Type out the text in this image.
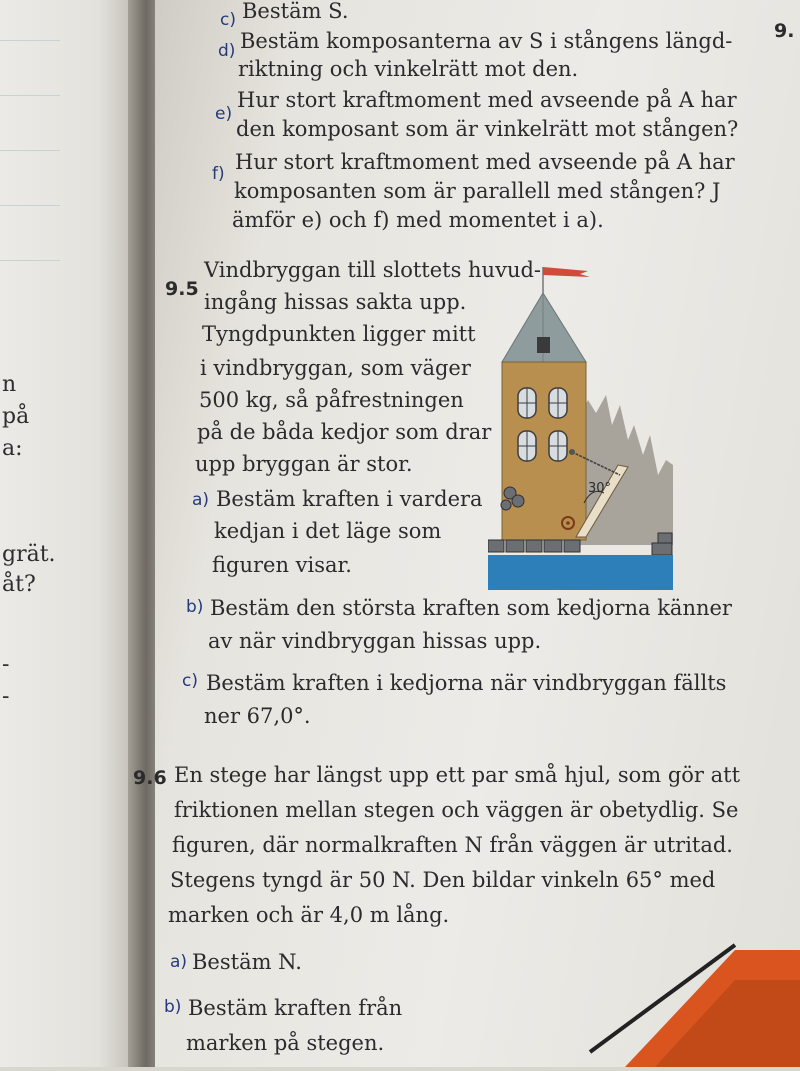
n
på
a:
grät.
åt?
-
-
9.
c) Bestäm S.
d) Bestäm komposanterna av S i stångens längd-
riktning och vinkelrätt mot den.
e)
Hur stort kraftmoment med avseende på A har
den komposant som är vinkelrätt mot stången?
f) Hur stort kraftmoment med avseende på A har
komposanten som är parallell med stången? J
ämför e) och f) med momentet i a).
9.5
Vindbryggan till slottets huvud-
ingång hissas sakta upp.
Tyngdpunkten ligger mitt
i vindbryggan, som väger
500 kg, så påfrestningen
på de båda kedjor som drar
upp bryggan är stor.
a) Bestäm kraften i vardera
kedjan i det läge som
figuren visar.
b) Bestäm den största kraften som kedjorna känner
av när vindbryggan hissas upp.
c) Bestäm kraften i kedjorna när vindbryggan fällts
ner 67,0°.
30°
9.6 En stege har längst upp ett par små hjul, som gör att
friktionen mellan stegen och väggen är obetydlig. Se
figuren, där normalkraften N från väggen är utritad.
Stegens tyngd är 50 N. Den bildar vinkeln 65° med
marken och är 4,0 m lång.
a) Bestäm N.
b) Bestäm kraften från
marken på stegen.
